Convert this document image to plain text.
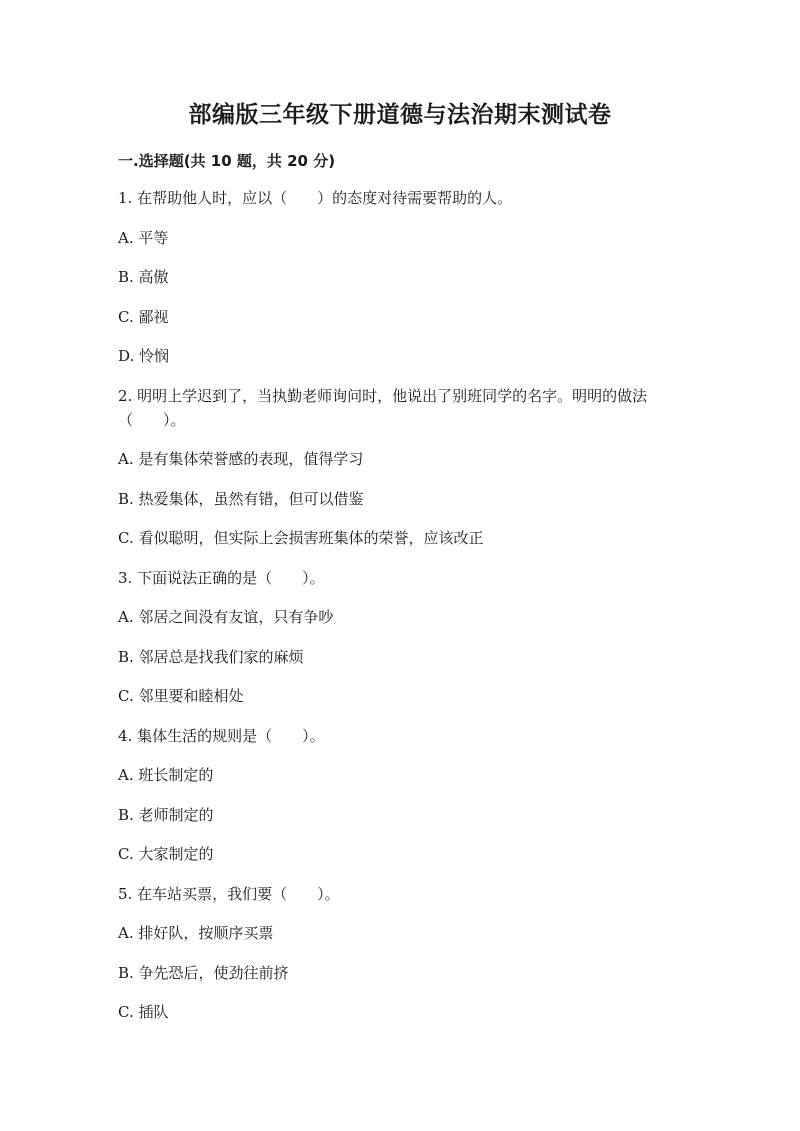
部编版三年级下册道德与法治期末测试卷
一.选择题(共 10 题，共 20 分)
1. 在帮助他人时，应以（　　）的态度对待需要帮助的人。
A. 平等
B. 高傲
C. 鄙视
D. 怜悯
2. 明明上学迟到了，当执勤老师询问时，他说出了别班同学的名字。明明的做法（　　）。
A. 是有集体荣誉感的表现，值得学习
B. 热爱集体，虽然有错，但可以借鉴
C. 看似聪明，但实际上会损害班集体的荣誉，应该改正
3. 下面说法正确的是（　　）。
A. 邻居之间没有友谊，只有争吵
B. 邻居总是找我们家的麻烦
C. 邻里要和睦相处
4. 集体生活的规则是（　　）。
A. 班长制定的
B. 老师制定的
C. 大家制定的
5. 在车站买票，我们要（　　）。
A. 排好队，按顺序买票
B. 争先恐后，使劲往前挤
C. 插队
